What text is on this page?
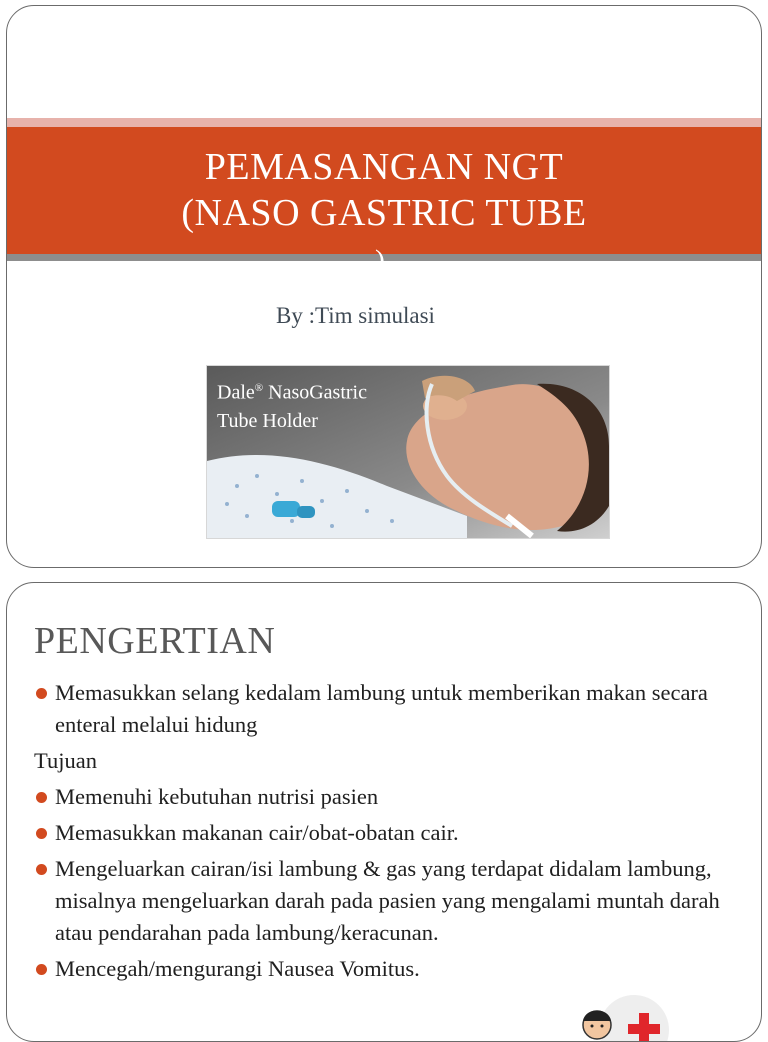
PEMASANGAN NGT (NASO GASTRIC TUBE
)
By :Tim simulasi
Dale® NasoGastric
Tube Holder
PENGERTIAN
Memasukkan selang kedalam lambung untuk memberikan makan secara enteral melalui hidung
Tujuan
Memenuhi kebutuhan nutrisi pasien
Memasukkan makanan cair/obat-obatan cair.
Mengeluarkan cairan/isi lambung & gas yang terdapat didalam lambung, misalnya mengeluarkan darah pada pasien yang mengalami muntah darah atau pendarahan pada lambung/keracunan.
Mencegah/mengurangi Nausea Vomitus.
